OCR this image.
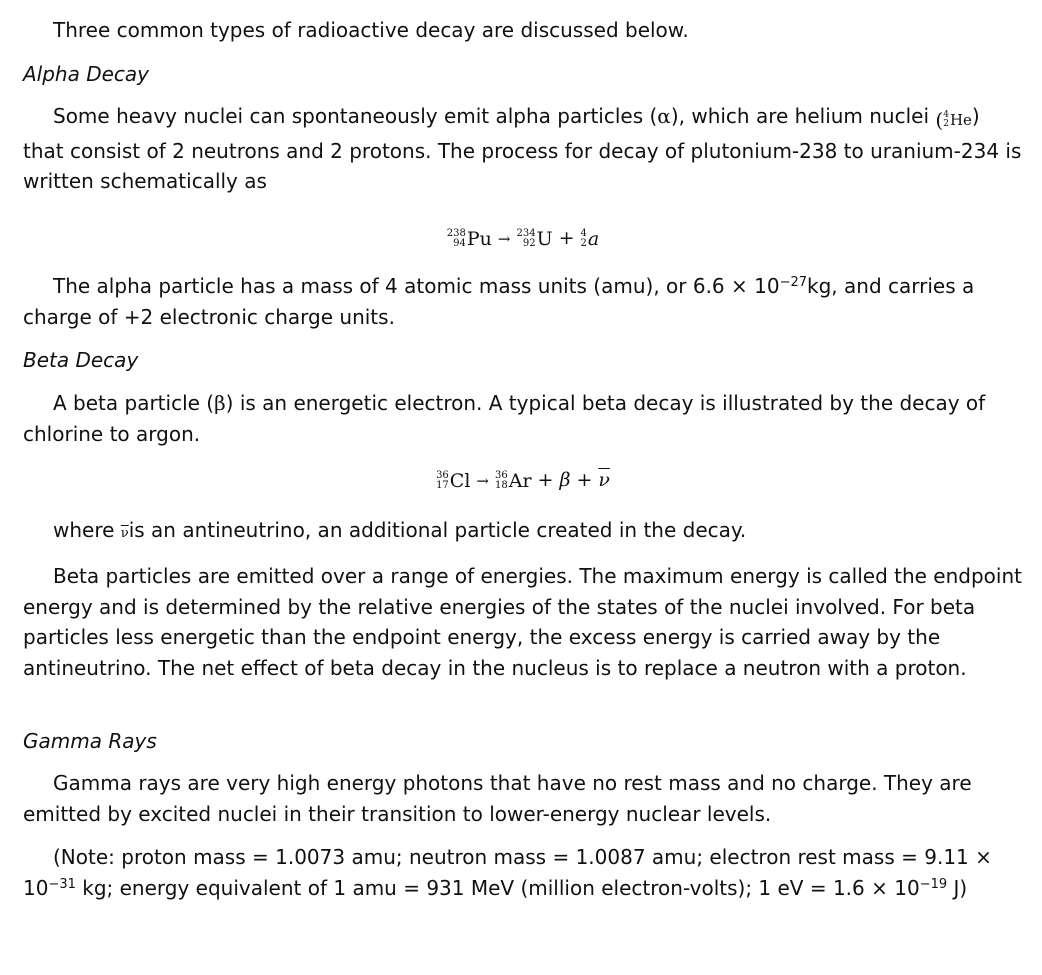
Three common types of radioactive decay are discussed below.

Alpha Decay

Some heavy nuclei can spontaneously emit alpha particles (α), which are helium nuclei ( 4
2 He ) that consist of 2 neutrons and 2 protons. The process for decay of plutonium-238 to uranium-234 is written schematically as

238
94 Pu → 234
92 U + 4
2 a

The alpha particle has a mass of 4 atomic mass units (amu), or $6.6 \times 10^{-27}kg$, and carries a charge of +2 electronic charge units.

Beta Decay

A beta particle (β) is an energetic electron. A typical beta decay is illustrated by the decay of chlorine to argon.

36
17 Cl → 36
18 $Ar + \beta + \overline{\nu}$

where $\overline{\nu}is$ an antineutrino, an additional particle created in the decay.

Beta particles are emitted over a range of energies. The maximum energy is called the endpoint energy and is determined by the relative energies of the states of the nuclei involved. For beta particles less energetic than the endpoint energy, the excess energy is carried away by the antineutrino. The net effect of beta decay in the nucleus is to replace a neutron with a proton.

Gamma Rays

Gamma rays are very high energy photons that have no rest mass and no charge. They are emitted by excited nuclei in their transition to lower-energy nuclear levels.

(Note: proton mass = 1.0073 amu; neutron mass = 1.0087 amu; electron rest mass = $9.11 \times 10^{-31}$ kg; energy equivalent of 1 amu = 931 MeV (million electron-volts); 1 eV = $1.6 \times 10^{-19}$ J)
